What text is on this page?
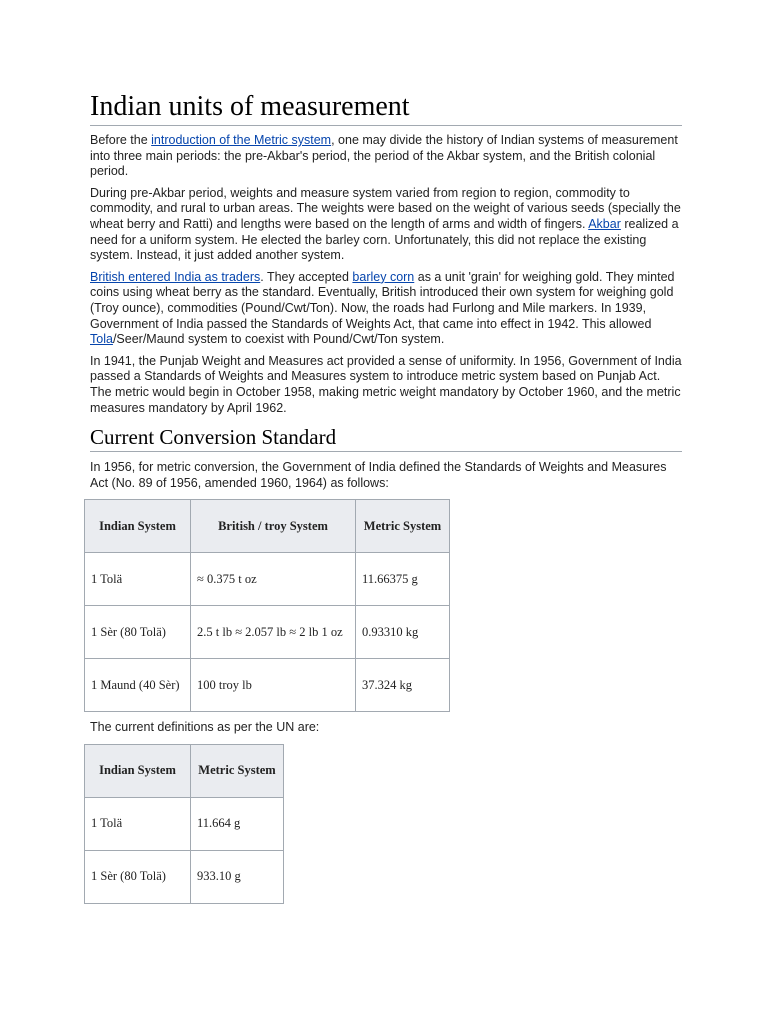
Indian units of measurement

Before the introduction of the Metric system, one may divide the history of Indian systems of measurement into three main periods: the pre-Akbar's period, the period of the Akbar system, and the British colonial period.

During pre-Akbar period, weights and measure system varied from region to region, commodity to commodity, and rural to urban areas. The weights were based on the weight of various seeds (specially the wheat berry and Ratti) and lengths were based on the length of arms and width of fingers. Akbar realized a need for a uniform system. He elected the barley corn. Unfortunately, this did not replace the existing system. Instead, it just added another system.

British entered India as traders. They accepted barley corn as a unit 'grain' for weighing gold. They minted coins using wheat berry as the standard. Eventually, British introduced their own system for weighing gold (Troy ounce), commodities (Pound/Cwt/Ton). Now, the roads had Furlong and Mile markers. In 1939, Government of India passed the Standards of Weights Act, that came into effect in 1942. This allowed Tola/Seer/Maund system to coexist with Pound/Cwt/Ton system.

In 1941, the Punjab Weight and Measures act provided a sense of uniformity. In 1956, Government of India passed a Standards of Weights and Measures system to introduce metric system based on Punjab Act. The metric would begin in October 1958, making metric weight mandatory by October 1960, and the metric measures mandatory by April 1962.

Current Conversion Standard

In 1956, for metric conversion, the Government of India defined the Standards of Weights and Measures Act (No. 89 of 1956, amended 1960, 1964) as follows:

Indian System	British / troy System	Metric System
1 Tolä	≈ 0.375 t oz	11.66375 g
1 Sèr (80 Tolä)	2.5 t lb ≈ 2.057 lb ≈ 2 lb 1 oz	0.93310 kg
1 Maund (40 Sèr)	100 troy lb	37.324 kg

The current definitions as per the UN are:

Indian System	Metric System
1 Tolä	11.664 g
1 Sèr (80 Tolä)	933.10 g
